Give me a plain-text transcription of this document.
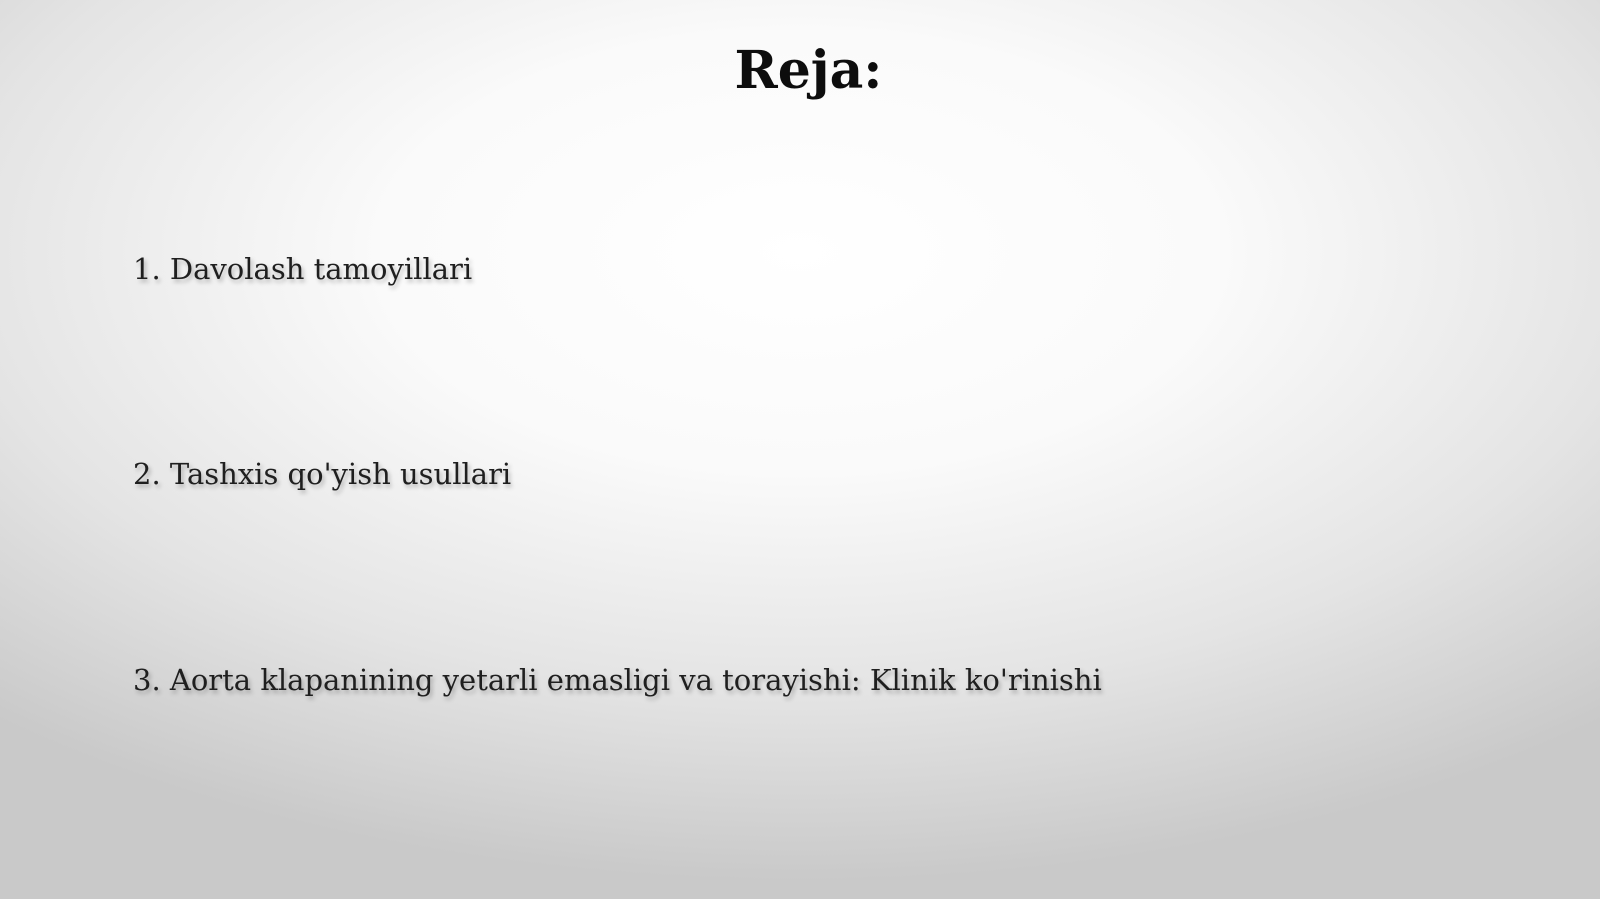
Reja:
1. Davolash tamoyillari
2. Tashxis qo'yish usullari
3. Aorta klapanining yetarli emasligi va torayishi: Klinik ko'rinishi
